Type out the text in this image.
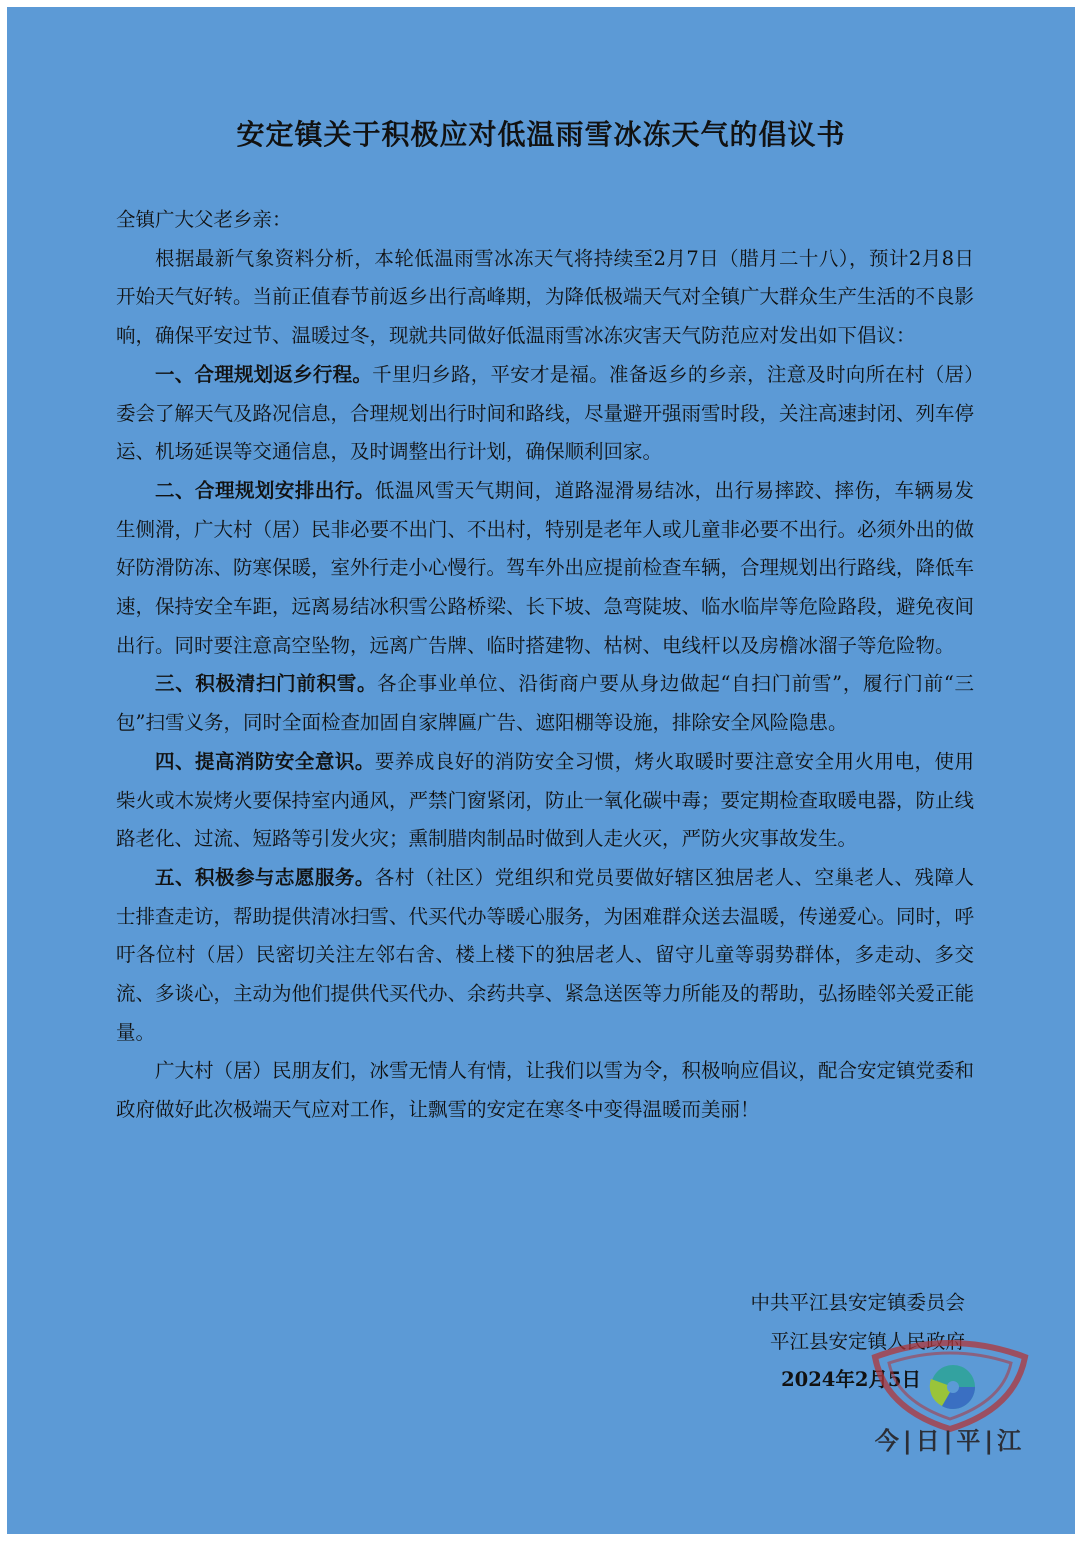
安定镇关于积极应对低温雨雪冰冻天气的倡议书

全镇广大父老乡亲：

根据最新气象资料分析，本轮低温雨雪冰冻天气将持续至2月7日（腊月二十八），预计2月8日开始天气好转。当前正值春节前返乡出行高峰期，为降低极端天气对全镇广大群众生产生活的不良影响，确保平安过节、温暖过冬，现就共同做好低温雨雪冰冻灾害天气防范应对发出如下倡议：

一、合理规划返乡行程。千里归乡路，平安才是福。准备返乡的乡亲，注意及时向所在村（居）委会了解天气及路况信息，合理规划出行时间和路线，尽量避开强雨雪时段，关注高速封闭、列车停运、机场延误等交通信息，及时调整出行计划，确保顺利回家。

二、合理规划安排出行。低温风雪天气期间，道路湿滑易结冰，出行易摔跤、摔伤，车辆易发生侧滑，广大村（居）民非必要不出门、不出村，特别是老年人或儿童非必要不出行。必须外出的做好防滑防冻、防寒保暖，室外行走小心慢行。驾车外出应提前检查车辆，合理规划出行路线，降低车速，保持安全车距，远离易结冰积雪公路桥梁、长下坡、急弯陡坡、临水临岸等危险路段，避免夜间出行。同时要注意高空坠物，远离广告牌、临时搭建物、枯树、电线杆以及房檐冰溜子等危险物。

三、积极清扫门前积雪。各企事业单位、沿街商户要从身边做起“自扫门前雪”，履行门前“三包”扫雪义务，同时全面检查加固自家牌匾广告、遮阳棚等设施，排除安全风险隐患。

四、提高消防安全意识。要养成良好的消防安全习惯，烤火取暖时要注意安全用火用电，使用柴火或木炭烤火要保持室内通风，严禁门窗紧闭，防止一氧化碳中毒；要定期检查取暖电器，防止线路老化、过流、短路等引发火灾；熏制腊肉制品时做到人走火灭，严防火灾事故发生。

五、积极参与志愿服务。各村（社区）党组织和党员要做好辖区独居老人、空巢老人、残障人士排查走访，帮助提供清冰扫雪、代买代办等暖心服务，为困难群众送去温暖，传递爱心。同时，呼吁各位村（居）民密切关注左邻右舍、楼上楼下的独居老人、留守儿童等弱势群体，多走动、多交流、多谈心，主动为他们提供代买代办、余药共享、紧急送医等力所能及的帮助，弘扬睦邻关爱正能量。

广大村（居）民朋友们，冰雪无情人有情，让我们以雪为令，积极响应倡议，配合安定镇党委和政府做好此次极端天气应对工作，让飘雪的安定在寒冬中变得温暖而美丽！

中共平江县安定镇委员会
平江县安定镇人民政府
2024年2月5日
今|日|平|江
